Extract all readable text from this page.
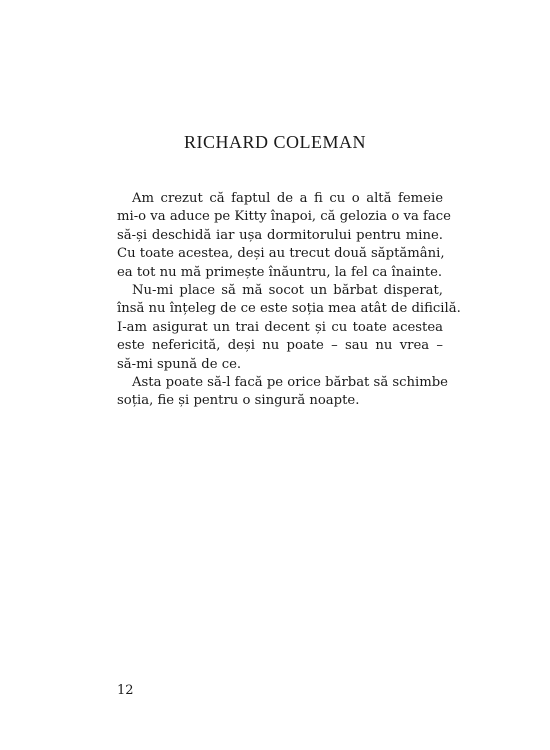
RICHARD COLEMAN
Am crezut că faptul de a fi cu o altă femeie
mi-o va aduce pe Kitty înapoi, că gelozia o va face
să-și deschidă iar ușa dormitorului pentru mine.
Cu toate acestea, deși au trecut două săptămâni,
ea tot nu mă primește înăuntru, la fel ca înainte.
Nu-mi place să mă socot un bărbat disperat,
însă nu înțeleg de ce este soția mea atât de dificilă.
I-am asigurat un trai decent și cu toate acestea
este nefericită, deși nu poate – sau nu vrea –
să-mi spună de ce.
Asta poate să-l facă pe orice bărbat să schimbe
soția, fie și pentru o singură noapte.
12
